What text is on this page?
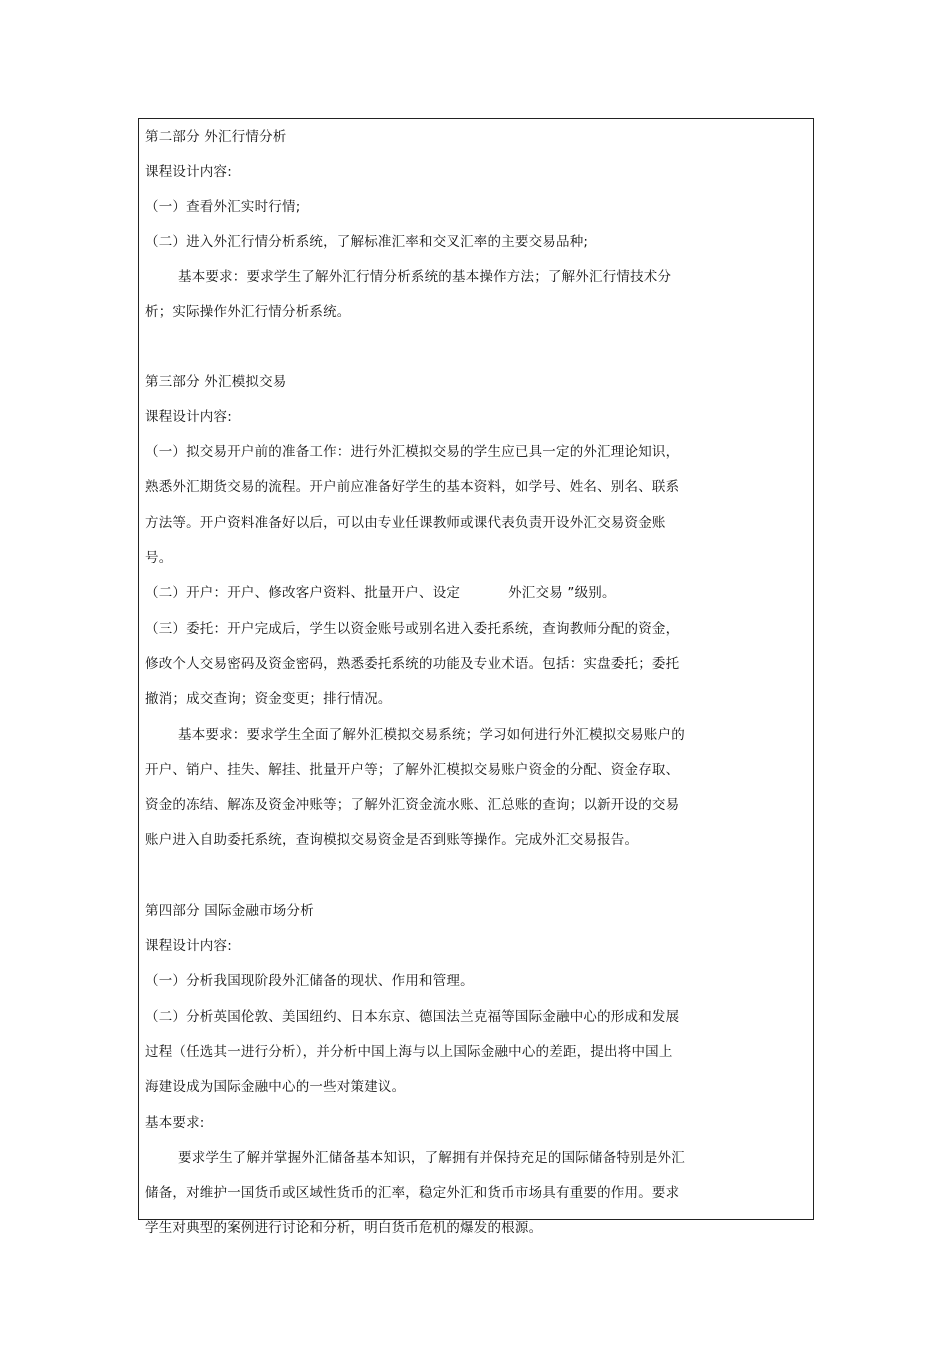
第二部分 外汇行情分析
课程设计内容:
（一）查看外汇实时行情;
（二）进入外汇行情分析系统，了解标准汇率和交叉汇率的主要交易品种;
基本要求：要求学生了解外汇行情分析系统的基本操作方法；了解外汇行情技术分
析；实际操作外汇行情分析系统。
第三部分 外汇模拟交易
课程设计内容:
（一）拟交易开户前的准备工作：进行外汇模拟交易的学生应已具一定的外汇理论知识，
熟悉外汇期货交易的流程。开户前应准备好学生的基本资料，如学号、姓名、别名、联系
方法等。开户资料准备好以后，可以由专业任课教师或课代表负责开设外汇交易资金账
号。
（二）开户：开户、修改客户资料、批量开户、设定	外汇交易 ”级别。
（三）委托：开户完成后，学生以资金账号或别名进入委托系统，查询教师分配的资金，
修改个人交易密码及资金密码，熟悉委托系统的功能及专业术语。包括：实盘委托；委托
撤消；成交查询；资金变更；排行情况。
基本要求：要求学生全面了解外汇模拟交易系统；学习如何进行外汇模拟交易账户的
开户、销户、挂失、解挂、批量开户等；了解外汇模拟交易账户资金的分配、资金存取、
资金的冻结、解冻及资金冲账等；了解外汇资金流水账、汇总账的查询；以新开设的交易
账户进入自助委托系统，查询模拟交易资金是否到账等操作。完成外汇交易报告。
第四部分 国际金融市场分析
课程设计内容:
（一）分析我国现阶段外汇储备的现状、作用和管理。
（二）分析英国伦敦、美国纽约、日本东京、德国法兰克福等国际金融中心的形成和发展
过程（任选其一进行分析），并分析中国上海与以上国际金融中心的差距，提出将中国上
海建设成为国际金融中心的一些对策建议。
基本要求:
要求学生了解并掌握外汇储备基本知识，了解拥有并保持充足的国际储备特别是外汇
储备，对维护一国货币或区域性货币的汇率，稳定外汇和货币市场具有重要的作用。要求
学生对典型的案例进行讨论和分析，明白货币危机的爆发的根源。
